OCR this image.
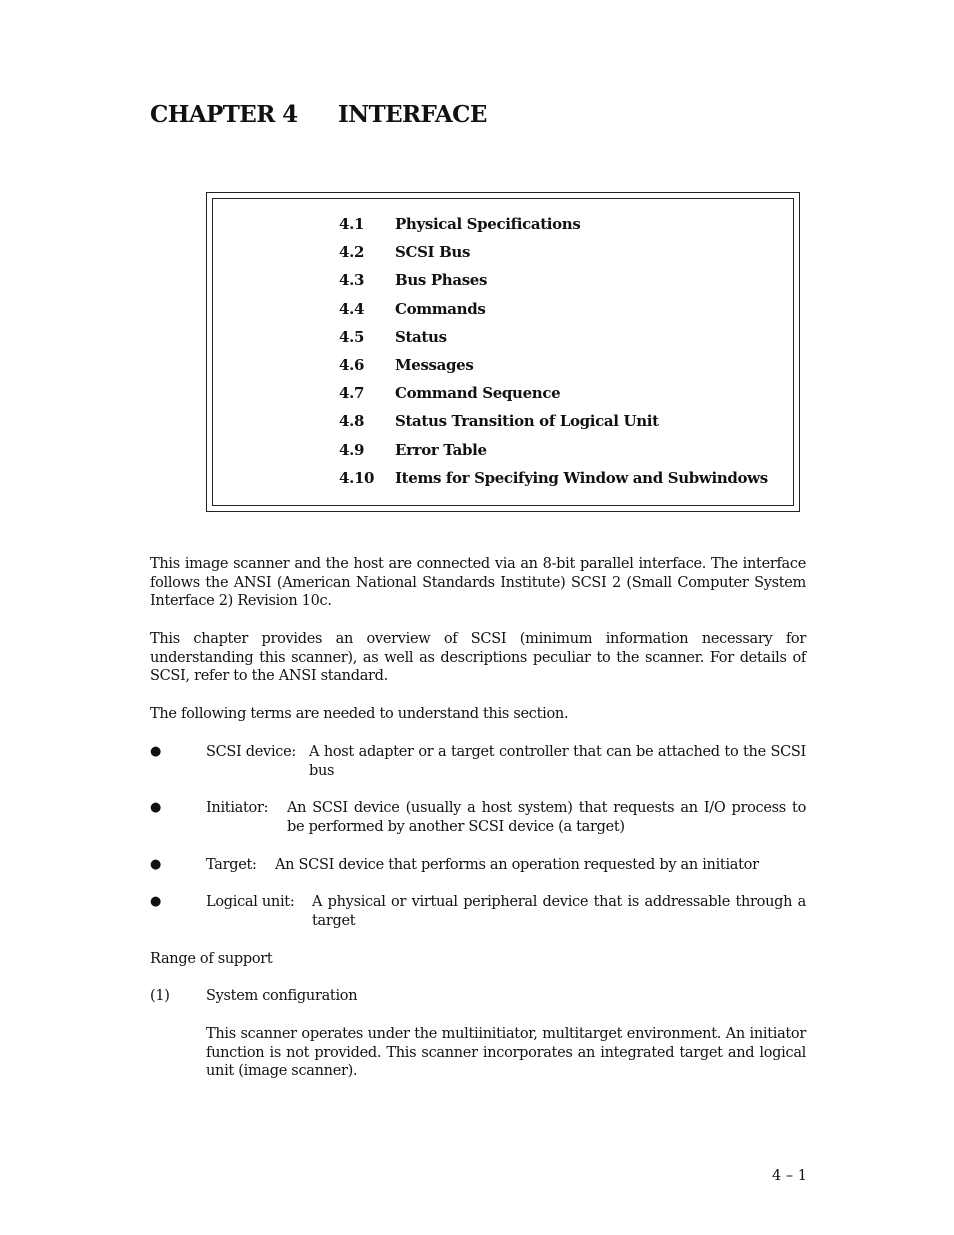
CHAPTER 4 INTERFACE
4.1 Physical Specifications
4.2 SCSI Bus
4.3 Bus Phases
4.4 Commands
4.5 Status
4.6 Messages
4.7 Command Sequence
4.8 Status Transition of Logical Unit
4.9 Error Table
4.10 Items for Specifying Window and Subwindows

This image scanner and the host are connected via an 8-bit parallel interface. The interface follows the ANSI (American National Standards Institute) SCSI 2 (Small Computer System Interface 2) Revision 10c.

This chapter provides an overview of SCSI (minimum information necessary for understanding this scanner), as well as descriptions peculiar to the scanner. For details of SCSI, refer to the ANSI standard.

The following terms are needed to understand this section.

●	SCSI device: A host adapter or a target controller that can be attached to the SCSI bus
●	Initiator: An SCSI device (usually a host system) that requests an I/O process to be performed by another SCSI device (a target)
●	Target: An SCSI device that performs an operation requested by an initiator
●	Logical unit: A physical or virtual peripheral device that is addressable through a target

Range of support

(1)	System configuration

This scanner operates under the multiinitiator, multitarget environment. An initiator function is not provided. This scanner incorporates an integrated target and logical unit (image scanner).

4 – 1
